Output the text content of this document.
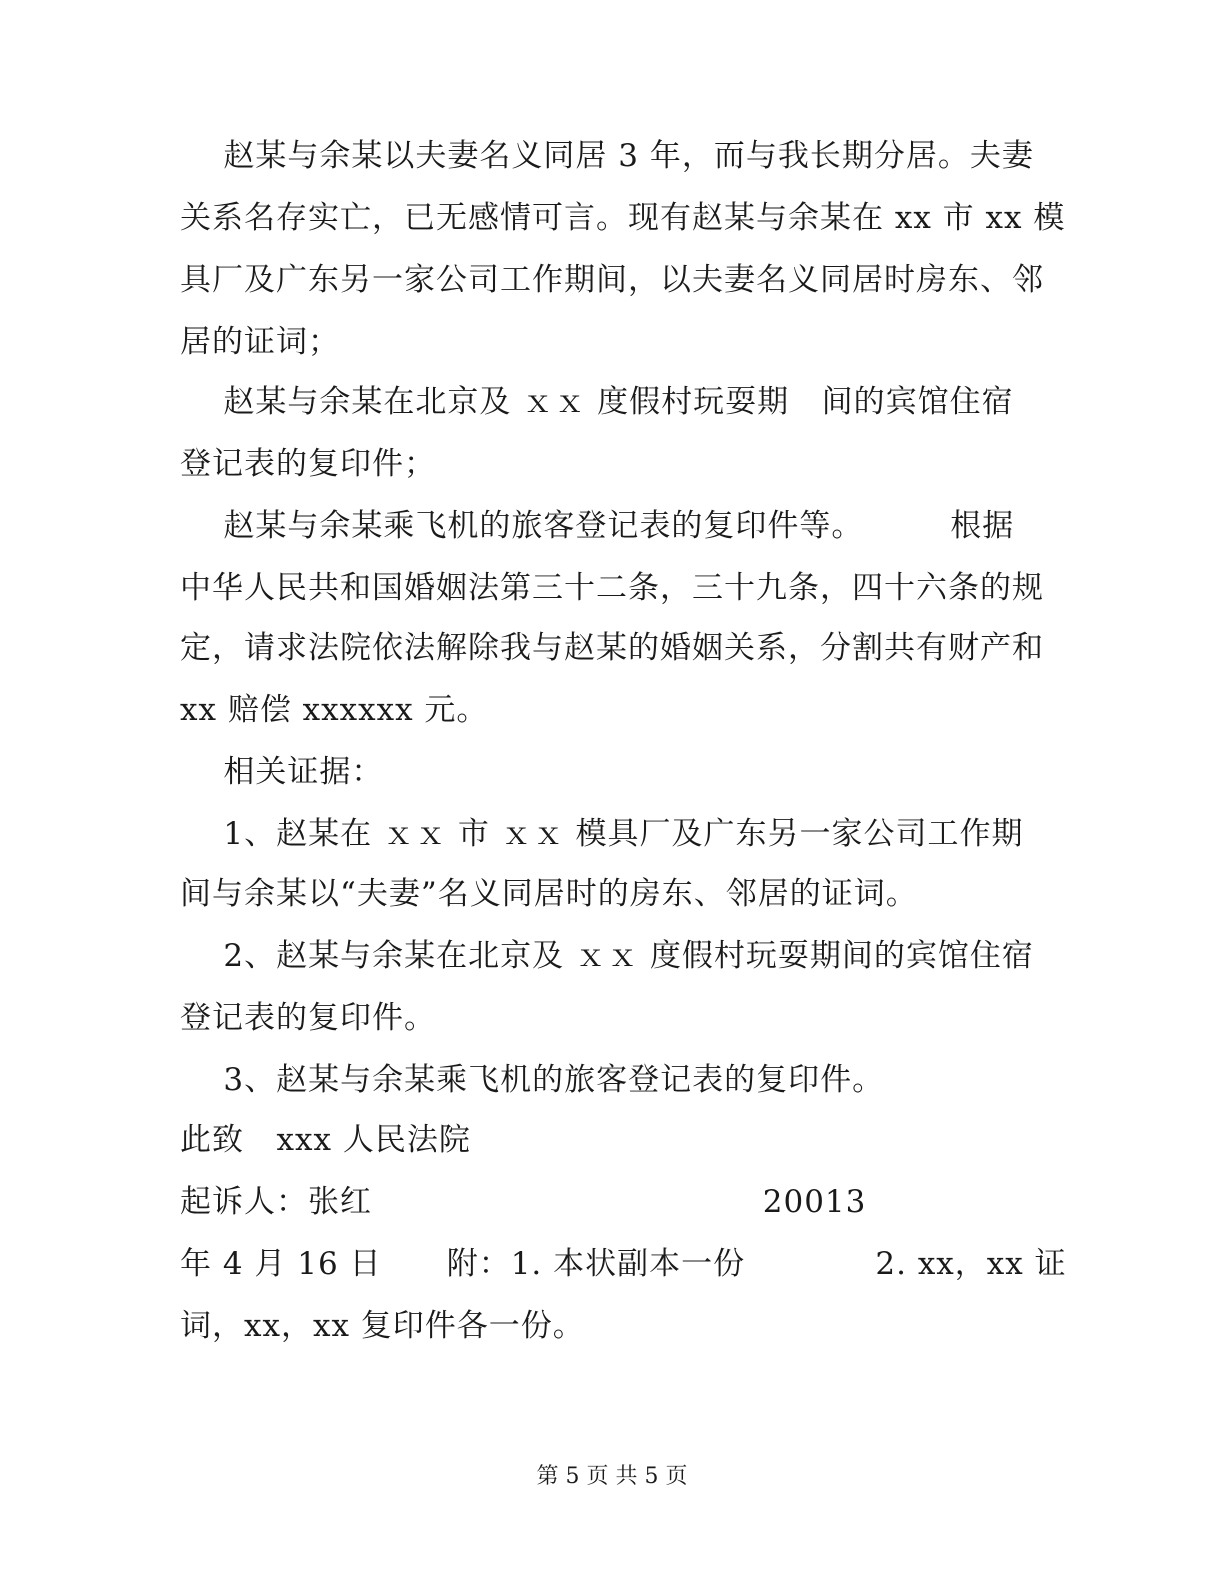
赵某与余某以夫妻名义同居 3 年，而与我长期分居。夫妻
关系名存实亡，已无感情可言。现有赵某与余某在 xx 市 xx 模
具厂及广东另一家公司工作期间，以夫妻名义同居时房东、邻
居的证词；
赵某与余某在北京及 ｘｘ 度假村玩耍期   间的宾馆住宿
登记表的复印件；
赵某与余某乘飞机的旅客登记表的复印件等。        根据
中华人民共和国婚姻法第三十二条，三十九条，四十六条的规
定，请求法院依法解除我与赵某的婚姻关系，分割共有财产和
xx 赔偿 xxxxxx 元。
相关证据：
1、赵某在 ｘｘ 市 ｘｘ 模具厂及广东另一家公司工作期
间与余某以“夫妻”名义同居时的房东、邻居的证词。
2、赵某与余某在北京及 ｘｘ 度假村玩耍期间的宾馆住宿
登记表的复印件。
3、赵某与余某乘飞机的旅客登记表的复印件。
此致   xxx 人民法院
起诉人：张红                                    20013
年 4 月 16 日      附：1. 本状副本一份            2. xx，xx 证
词，xx，xx 复印件各一份。
第 5 页 共 5 页
